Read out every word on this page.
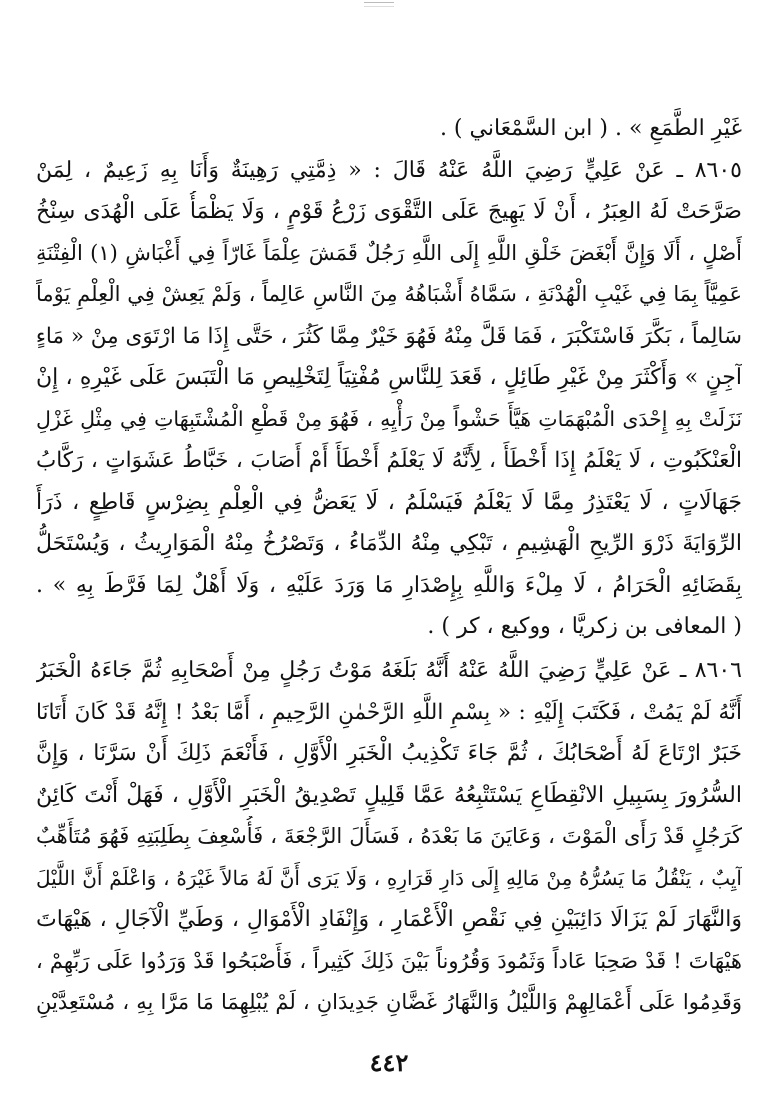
غَيْرِ الطَّمَعِ » . ( ابن السَّمْعَاني ) .
٨٦٠٥ ـ عَنْ عَلِيٍّ رَضِيَ اللَّهُ عَنْهُ قَالَ : « ذِمَّتِي رَهِينَةٌ وَأَنَا بِهِ زَعِيمٌ ، لِمَنْ
صَرَّحَتْ لَهُ العِبَرُ ، أَنْ لَا يَهِيجَ عَلَى التَّقْوَى زَرْعُ قَوْمٍ ، وَلَا يَظْمَأُ عَلَى الْهُدَى سِنْخُ
أَصْلٍ ، أَلَا وَإِنَّ أَبْغَضَ خَلْقِ اللَّهِ إِلَى اللَّهِ رَجُلٌ قَمَشَ عِلْمَاً غَارّاً فِي أَغْبَاشِ (١) الْفِتْنَةِ
عَمِيَّاً بِمَا فِي غَيْبِ الْهُدْنَةِ ، سَمَّاهُ أَشْبَاهُهُ مِنَ النَّاسِ عَالِماً ، وَلَمْ يَعِشْ فِي الْعِلْمِ يَوْماً
سَالِماً ، بَكَّرَ فَاسْتَكْبَرَ ، فَمَا قَلَّ مِنْهُ فَهُوَ خَيْرٌ مِمَّا كَثُرَ ، حَتَّى إِذَا مَا ارْتَوَى مِنْ « مَاءٍ
آجِنٍ » وَأَكْثَرَ مِنْ غَيْرِ طَائِلٍ ، قَعَدَ لِلنَّاسِ مُفْتِيَاً لِتَخْلِيصِ مَا الْتَبَسَ عَلَى غَيْرِهِ ، إِنْ
نَزَلَتْ بِهِ إِحْدَى الْمُبْهَمَاتِ هَيَّأَ حَشْواً مِنْ رَأْيِهِ ، فَهُوَ مِنْ قَطْعِ الْمُشْتَبِهَاتِ فِي مِثْلِ غَزْلِ
الْعَنْكَبُوتِ ، لَا يَعْلَمُ إِذَا أَخْطَأَ ، لِأَنَّهُ لَا يَعْلَمُ أَخْطَأَ أَمْ أَصَابَ ، خَبَّاطُ عَشَوَاتٍ ، رَكَّابُ
جَهَالَاتٍ ، لَا يَعْتَذِرُ مِمَّا لَا يَعْلَمُ فَيَسْلَمُ ، لَا يَعَضُّ فِي الْعِلْمِ بِضِرْسٍ قَاطِعٍ ، ذَرَأَ
الرِّوَايَةَ ذَرْوَ الرِّيحِ الْهَشِيمِ ، تَبْكِي مِنْهُ الدِّمَاءُ ، وَتَصْرُخُ مِنْهُ الْمَوَارِيثُ ، وَيُسْتَحَلُّ
بِقَضَائِهِ الْحَرَامُ ، لَا مِلْءَ وَاللَّهِ بِإِصْدَارِ مَا وَرَدَ عَلَيْهِ ، وَلَا أَهْلٌ لِمَا فَرَّطَ بِهِ » .
( المعافى بن زكريَّا ، ووكيع ، كر ) .
٨٦٠٦ ـ عَنْ عَلِيٍّ رَضِيَ اللَّهُ عَنْهُ أَنَّهُ بَلَغَهُ مَوْتُ رَجُلٍ مِنْ أَصْحَابِهِ ثُمَّ جَاءَهُ الْخَبَرُ
أَنَّهُ لَمْ يَمُتْ ، فَكَتَبَ إِلَيْهِ : « بِسْمِ اللَّهِ الرَّحْمٰنِ الرَّحِيمِ ، أَمَّا بَعْدُ ! إِنَّهُ قَدْ كَانَ أَتَانَا
خَبَرٌ ارْتَاعَ لَهُ أَصْحَابُكَ ، ثُمَّ جَاءَ تَكْذِيبُ الْخَبَرِ الْأَوَّلِ ، فَأَنْعَمَ ذَلِكَ أَنْ سَرَّنَا ، وَإِنَّ
السُّرُورَ بِسَبِيلِ الانْقِطَاعِ يَسْتَتْبِعُهُ عَمَّا قَلِيلٍ تَصْدِيقُ الْخَبَرِ الْأَوَّلِ ، فَهَلْ أَنْتَ كَائِنٌ
كَرَجُلٍ قَدْ رَأَى الْمَوْتَ ، وَعَايَنَ مَا بَعْدَهُ ، فَسَأَلَ الرَّجْعَةَ ، فَأُسْعِفَ بِطَلِبَتِهِ فَهُوَ مُتَأَهِّبٌ
آيِبٌ ، يَنْقُلُ مَا يَسُرُّهُ مِنْ مَالِهِ إِلَى دَارِ قَرَارِهِ ، وَلَا يَرَى أَنَّ لَهُ مَالاً غَيْرَهُ ، وَاعْلَمْ أَنَّ اللَّيْلَ
وَالنَّهَارَ لَمْ يَزَالَا دَائِبَيْنِ فِي نَقْصِ الْأَعْمَارِ ، وَإِنْفَادِ الْأَمْوَالِ ، وَطَيِّ الْآجَالِ ، هَيْهَاتَ
هَيْهَاتَ ! قَدْ صَحِبَا عَاداً وَثَمُودَ وَقُرُوناً بَيْنَ ذَلِكَ كَثِيراً ، فَأَصْبَحُوا قَدْ وَرَدُوا عَلَى رَبِّهِمْ ،
وَقَدِمُوا عَلَى أَعْمَالِهِمْ وَاللَّيْلُ وَالنَّهَارُ غَضَّانِ جَدِيدَانِ ، لَمْ يُبْلِهِمَا مَا مَرَّا بِهِ ، مُسْتَعِدَّيْنِ
٤٤٢
